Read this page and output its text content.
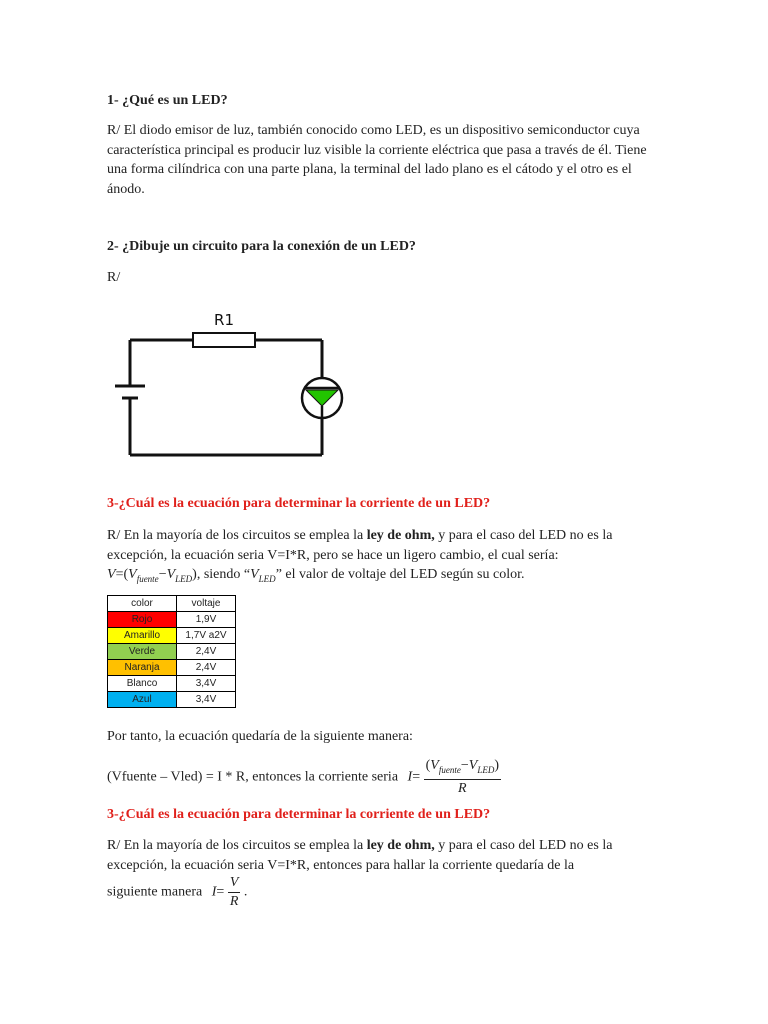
1- ¿Qué es un LED?
R/ El diodo emisor de luz, también conocido como LED, es un dispositivo semiconductor cuya característica principal es producir luz visible la corriente eléctrica que pasa a través de él. Tiene una forma cilíndrica con una parte plana, la terminal del lado plano es el cátodo y el otro es el ánodo.
2- ¿Dibuje un circuito para la conexión de un LED?
R/
R1
3-¿Cuál es la ecuación para determinar la corriente de un LED?
R/ En la mayoría de los circuitos se emplea la ley de ohm, y para el caso del LED no es la excepción, la ecuación seria V=I*R, pero se hace un ligero cambio, el cual sería:
$V=(V_{fuente}-V_{LED})$, siendo “$V_{LED}$” el valor de voltaje del LED según su color.
color	voltaje
Rojo	1,9V
Amarillo	1,7V a2V
Verde	2,4V
Naranja	2,4V
Blanco	3,4V
Azul	3,4V
Por tanto, la ecuación quedaría de la siguiente manera:
(Vfuente – Vled) = I * R, entonces la corriente seria $I= \frac{(V_{fuente}-V_{LED})}{R}$
3-¿Cuál es la ecuación para determinar la corriente de un LED?
R/ En la mayoría de los circuitos se emplea la ley de ohm, y para el caso del LED no es la excepción, la ecuación seria V=I*R, entonces para hallar la corriente quedaría de la
siguiente manera $I= \frac{V}{R}$ .
